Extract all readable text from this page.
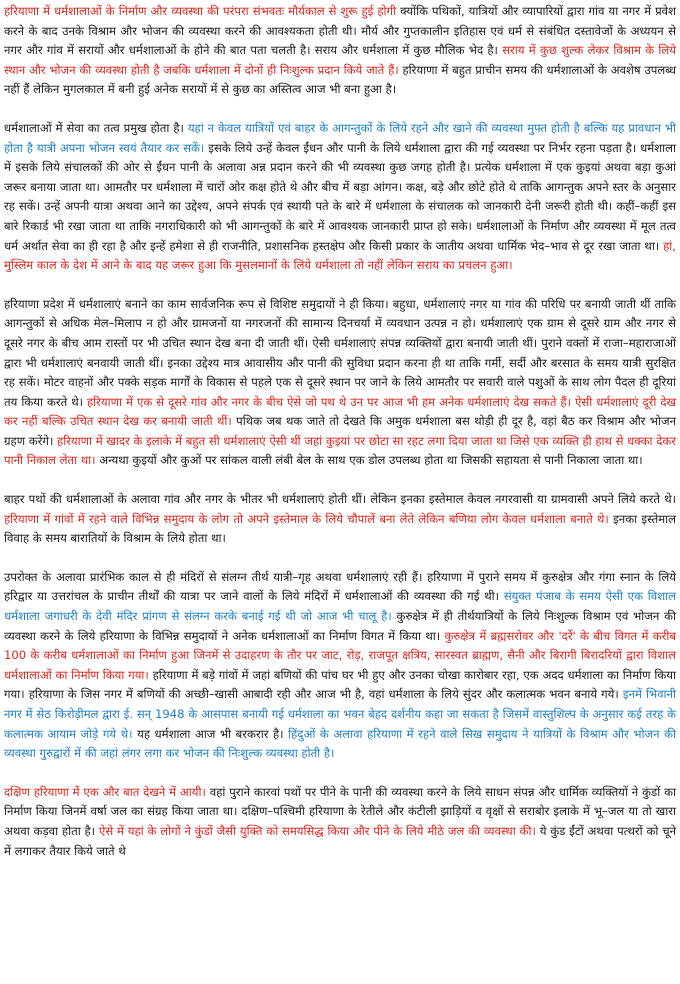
हरियाणा में धर्मशालाओं के निर्माण और व्यवस्था की परंपरा संभवतः मौर्यकाल से शुरू हुई होगी क्योंकि पथिकों, यात्रियों और व्यापारियों द्वारा गांव या नगर में प्रवेश करने के बाद उनके विश्राम और भोजन की व्यवस्था करने की आवश्यकता होती थी। मौर्य और गुप्तकालीन इतिहास एवं धर्म से संबंधित दस्तावेजों के अध्ययन से नगर और गांव में सरायों और धर्मशालाओं के होने की बात पता चलती है। सराय और धर्मशाला में कुछ मौलिक भेद है। सराय में कुछ शुल्क लेकर विश्राम के लिये स्थान और भोजन की व्यवस्था होती है जबकि धर्मशाला में दोनों ही निःशुल्क प्रदान किये जाते हैं। हरियाणा में बहुत प्राचीन समय की धर्मशालाओं के अवशेष उपलब्ध नहीं हैं लेकिन मुगलकाल में बनी हुई अनेक सरायों में से कुछ का अस्तित्व आज भी बना हुआ है।

धर्मशालाओं में सेवा का तत्व प्रमुख होता है। यहां न केवल यात्रियों एवं बाहर के आगन्तुकों के लिये रहने और खाने की व्यवस्था मुफ्त होती है बल्कि यह प्रावधान भी होता है यात्री अपना भोजन स्वयं तैयार कर सकें। इसके लिये उन्हें केवल ईंधन और पानी के लिये धर्मशाला द्वारा की गई व्यवस्था पर निर्भर रहना पड़ता है। धर्मशाला में इसके लिये संचालकों की ओर से ईंधन पानी के अलावा अन्न प्रदान करने की भी व्यवस्था कुछ जगह होती है। प्रत्येक धर्मशाला में एक कुइयां अथवा बड़ा कुआं जरूर बनाया जाता था। आमतौर पर धर्मशाला में चारों ओर कक्ष होते थे और बीच में बड़ा आंगन। कक्ष, बड़े और छोटे होते थे ताकि आगन्तुक अपने स्तर के अनुसार रह सकें। उन्हें अपनी यात्रा अथवा आने का उद्देश्य, अपने संपर्क एवं स्थायी पते के बारे में धर्मशाला के संचालक को जानकारी देनी जरूरी होती थी। कहीं–कहीं इस बारे रिकार्ड भी रखा जाता था ताकि नगराधिकारी को भी आगन्तुकों के बारे में आवश्यक जानकारी प्राप्त हो सके। धर्मशालाओं के निर्माण और व्यवस्था में मूल तत्व धर्म अर्थात सेवा का ही रहा है और इन्हें हमेशा से ही राजनीति, प्रशासनिक हस्तक्षेप और किसी प्रकार के जातीय अथवा धार्मिक भेद–भाव से दूर रखा जाता था। हां, मुस्लिम काल के देश में आने के बाद यह जरूर हुआ कि मुसलमानों के लिये धर्मशाला तो नहीं लेकिन सराय का प्रचलन हुआ।

हरियाणा प्रदेश में धर्मशालाएं बनाने का काम सार्वजनिक रूप से विशिष्ट समुदायों ने ही किया। बहुधा, धर्मशालाएं नगर या गांव की परिधि पर बनायी जाती थीं ताकि आगन्तुकों से अधिक मेल–मिलाप न हो और ग्रामजनों या नगरजनों की सामान्य दिनचर्या में व्यवधान उत्पन्न न हो। धर्मशालाएं एक ग्राम से दूसरे ग्राम और नगर से दूसरे नगर के बीच आम रास्तों पर भी उचित स्थान देख बना दी जाती थीं। ऐसी धर्मशालाएं संपन्न व्यक्तियों द्वारा बनायी जाती थीं। पुराने वक्तों में राजा–महाराजाओं द्वारा भी धर्मशालाएं बनवायी जाती थीं। इनका उद्देश्य मात्र आवासीय और पानी की सुविधा प्रदान करना ही था ताकि गर्मी, सर्दी और बरसात के समय यात्री सुरक्षित रह सकें। मोटर वाहनों और पक्के सड़क मार्गों के विकास से पहले एक से दूसरे स्थान पर जाने के लिये आमतौर पर सवारी वाले पशुओं के साथ लोग पैदल ही दूरियां तय किया करते थे। हरियाणा में एक से दूसरे गांव और नगर के बीच ऐसे जो पथ थे उन पर आज भी हम अनेक धर्मशालाएं देख सकते हैं। ऐसी धर्मशालाएं दूरी देख कर नहीं बल्कि उचित स्थान देख कर बनायी जाती थीं। पथिक जब थक जाते तो देखते कि अमुक धर्मशाला बस थोड़ी ही दूर है, वहां बैठ कर विश्राम और भोजन ग्रहण करेंगे। हरियाणा में खादर के इलाके में बहुत सी धर्मशालाएं ऐसी थीं जहां कुइयां पर छोटा सा रहट लगा दिया जाता था जिसे एक व्यक्ति ही हाथ से धक्का देकर पानी निकाल लेता था। अन्यथा कुइयों और कुओं पर सांकल वाली लंबी बेल के साथ एक डोल उपलब्ध होता था जिसकी सहायता से पानी निकाला जाता था।

बाहर पथों की धर्मशालाओं के अलावा गांव और नगर के भीतर भी धर्मशालाएं होती थीं। लेकिन इनका इस्तेमाल केवल नगरवासी या ग्रामवासी अपने लिये करते थे। हरियाणा में गांवों में रहने वाले विभिन्न समुदाय के लोग तो अपने इस्तेमाल के लिये चौपालें बना लेते लेकिन बणिया लोग केवल धर्मशाला बनाते थे। इनका इस्तेमाल विवाह के समय बारातियों के विश्राम के लिये होता था।

उपरोक्त के अलावा प्रारंभिक काल से ही मंदिरों से संलग्न तीर्थ यात्री–गृह अथवा धर्मशालाएं रही हैं। हरियाणा में पुराने समय में कुरुक्षेत्र और गंगा स्नान के लिये हरिद्वार या उत्तरांचल के प्राचीन तीर्थों की यात्रा पर जाने वालों के लिये मंदिरों में धर्मशालाओं की व्यवस्था की गई थी। संयुक्त पंजाब के समय ऐसी एक विशाल धर्मशाला जगाधरी के देवी मंदिर प्रांगण से संलग्न करके बनाई गई थी जो आज भी चालू है। कुरुक्षेत्र में ही तीर्थयात्रियों के लिये निःशुल्क विश्राम एवं भोजन की व्यवस्था करने के लिये हरियाणा के विभिन्न समुदायों ने अनेक धर्मशालाओं का निर्माण विगत में किया था। कुरुक्षेत्र में ब्रह्मसरोवर और 'दर्रे' के बीच विगत में करीब 100 के करीब धर्मशालाओं का निर्माण हुआ जिनमें से उदाहरण के तौर पर जाट, रोड़, राजपूत क्षत्रिय, सारस्वत ब्राह्मण, सैनी और बिरागी बिरादरियों द्वारा विशाल धर्मशालाओं का निर्माण किया गया। हरियाणा में बड़े गांवों में जहां बणियों की पांच घर भी हुए और उनका चोखा कारोबार रहा, एक अदद धर्मशाला का निर्माण किया गया। हरियाणा के जिस नगर में बणियों की अच्छी–खासी आबादी रही और आज भी है, वहां धर्मशाला के लिये सुंदर और कलात्मक भवन बनाये गये। इनमें भिवानी नगर में सेठ किरोड़ीमल द्वारा ई. सन् 1948 के आसपास बनायी गई धर्मशाला का भवन बेहद दर्शनीय कहा जा सकता है जिसमें वास्तुशिल्प के अनुसार कई तरह के कलात्मक आयाम जोड़े गये थे। यह धर्मशाला आज भी बरकरार है। हिंदुओं के अलावा हरियाणा में रहने वाले सिख समुदाय ने यात्रियों के विश्राम और भोजन की व्यवस्था गुरुद्वारों में की जहां लंगर लगा कर भोजन की निःशुल्क व्यवस्था होती है।

दक्षिण हरियाणा में एक और बात देखने में आयी। वहां पुराने कारवां पथों पर पीने के पानी की व्यवस्था करने के लिये साधन संपन्न और धार्मिक व्यक्तियों ने कुंडों का निर्माण किया जिनमें वर्षा जल का संग्रह किया जाता था। दक्षिण–पश्चिमी हरियाणा के रेतीले और कंटीली झाड़ियों व वृक्षों से सराबोर इलाके में भू–जल या तो खारा अथवा कड़वा होता है। ऐसे में यहां के लोगों ने कुंडों जैसी युक्ति को समयसिद्ध किया और पीने के लिये मीठे जल की व्यवस्था की। ये कुंड ईंटों अथवा पत्थरों को चूने में लगाकर तैयार किये जाते थे
